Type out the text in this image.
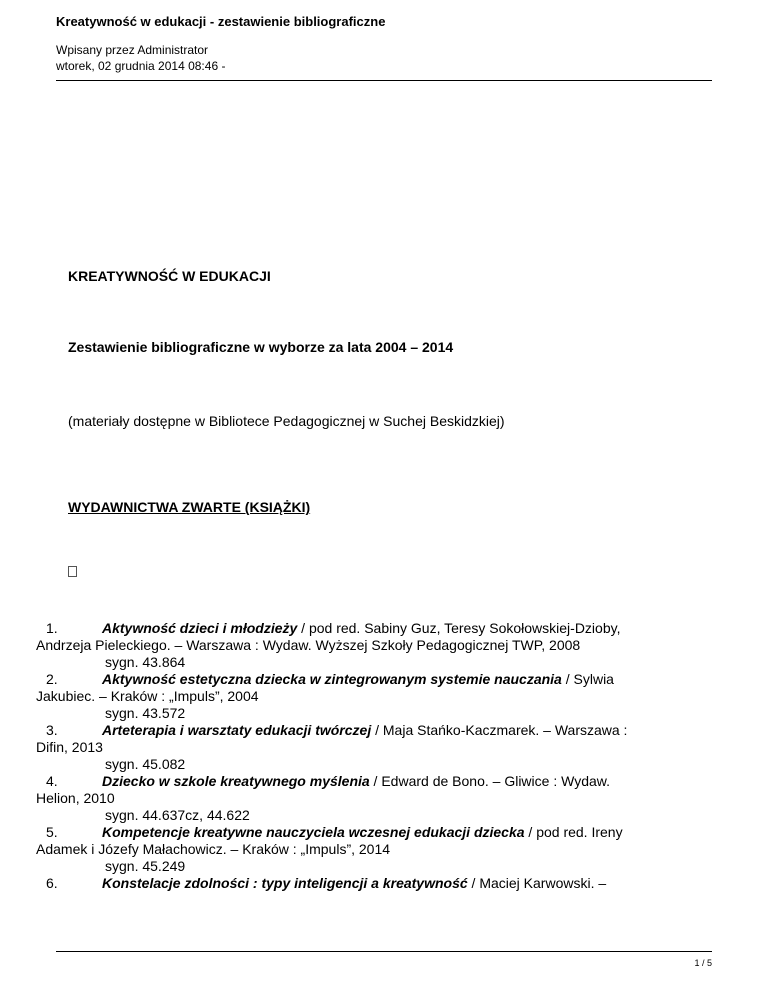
Kreatywność w edukacji - zestawienie bibliograficzne
Wpisany przez Administrator
wtorek, 02 grudnia 2014 08:46 -
KREATYWNOŚĆ W EDUKACJI
Zestawienie bibliograficzne w wyborze za lata 2004 – 2014
(materiały dostępne w Bibliotece Pedagogicznej w Suchej Beskidzkiej)
WYDAWNICTWA ZWARTE (KSIĄŻKI)
1.	Aktywność dzieci i młodzieży / pod red. Sabiny Guz, Teresy Sokołowskiej-Dzioby,
Andrzeja Pieleckiego. – Warszawa : Wydaw. Wyższej Szkoły Pedagogicznej TWP, 2008
sygn. 43.864
2.	Aktywność estetyczna dziecka w zintegrowanym systemie nauczania / Sylwia
Jakubiec. – Kraków : „Impuls”, 2004
sygn. 43.572
3.	Arteterapia i warsztaty edukacji twórczej / Maja Stańko-Kaczmarek. – Warszawa :
Difin, 2013
sygn. 45.082
4.	Dziecko w szkole kreatywnego myślenia / Edward de Bono. – Gliwice : Wydaw.
Helion, 2010
sygn. 44.637cz, 44.622
5.	Kompetencje kreatywne nauczyciela wczesnej edukacji dziecka / pod red. Ireny
Adamek i Józefy Małachowicz. – Kraków : „Impuls”, 2014
sygn. 45.249
6.	Konstelacje zdolności : typy inteligencji a kreatywność / Maciej Karwowski. –
1 / 5
